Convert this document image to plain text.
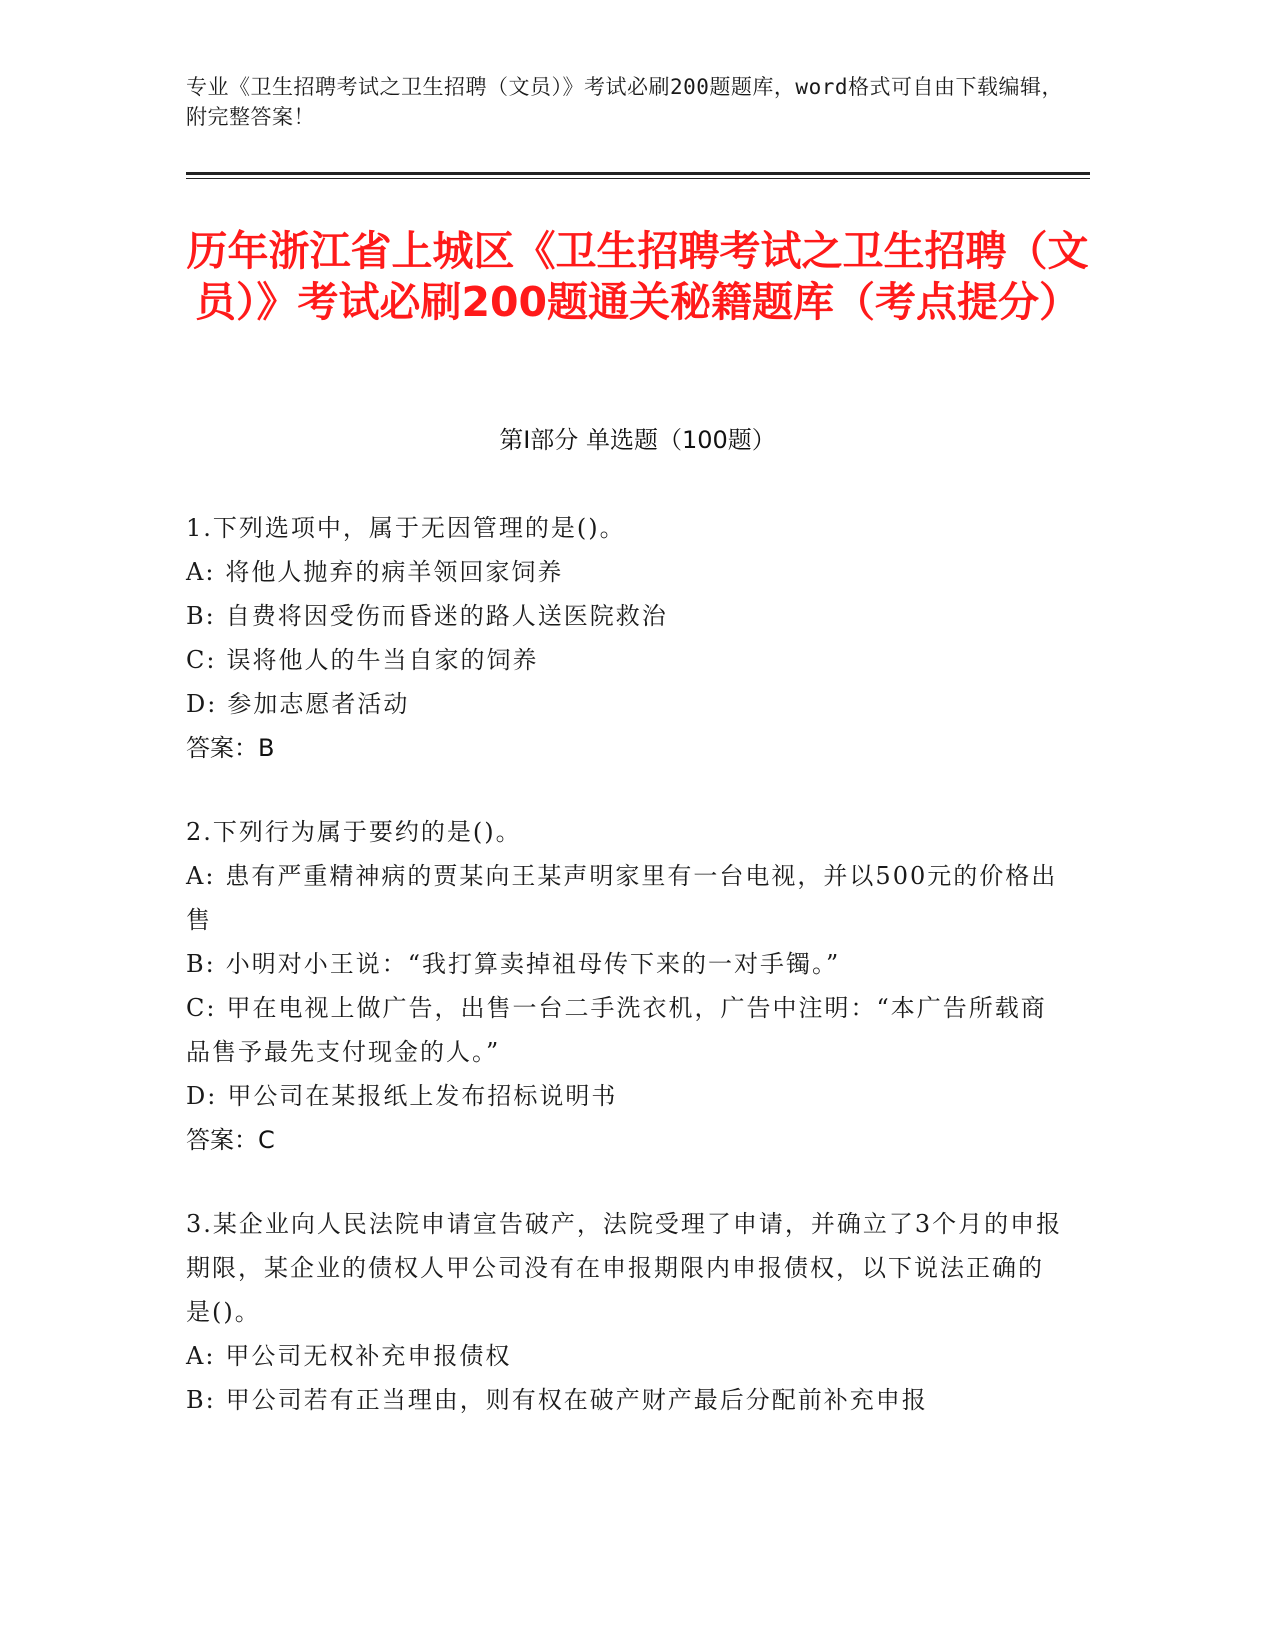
专业《卫生招聘考试之卫生招聘（文员）》考试必刷200题题库，word格式可自由下载编辑，附完整答案！
历年浙江省上城区《卫生招聘考试之卫生招聘（文员）》考试必刷200题通关秘籍题库（考点提分）
第I部分 单选题（100题）
1.下列选项中，属于无因管理的是()。
A: 将他人抛弃的病羊领回家饲养
B: 自费将因受伤而昏迷的路人送医院救治
C: 误将他人的牛当自家的饲养
D: 参加志愿者活动
答案：B
2.下列行为属于要约的是()。
A: 患有严重精神病的贾某向王某声明家里有一台电视，并以500元的价格出售
B: 小明对小王说：“我打算卖掉祖母传下来的一对手镯。”
C: 甲在电视上做广告，出售一台二手洗衣机，广告中注明：“本广告所载商品售予最先支付现金的人。”
D: 甲公司在某报纸上发布招标说明书
答案：C
3.某企业向人民法院申请宣告破产，法院受理了申请，并确立了3个月的申报期限，某企业的债权人甲公司没有在申报期限内申报债权，以下说法正确的是()。
A: 甲公司无权补充申报债权
B: 甲公司若有正当理由，则有权在破产财产最后分配前补充申报
